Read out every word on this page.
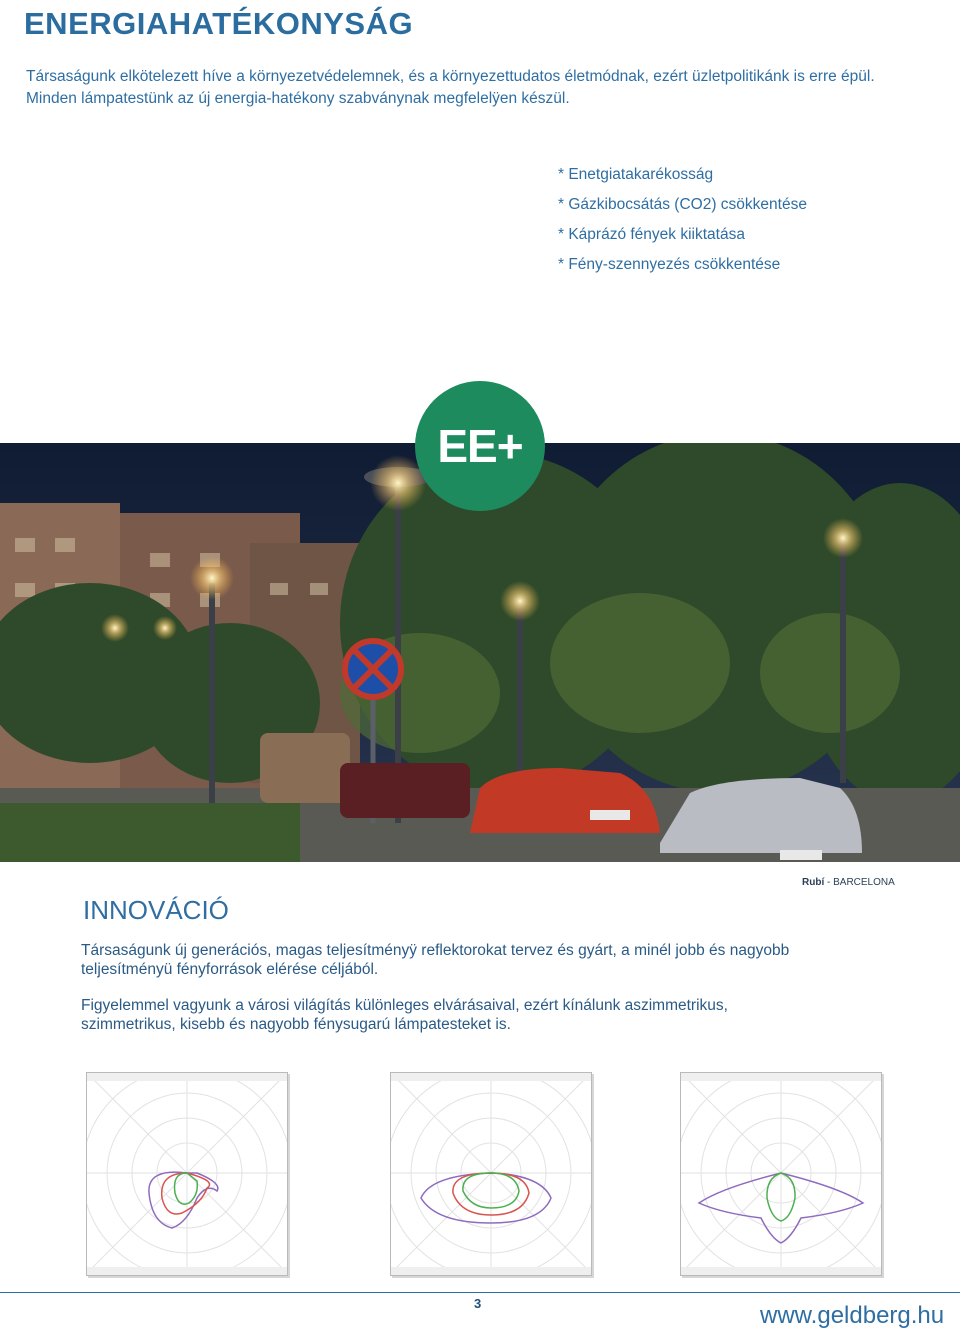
ENERGIAHATÉKONYSÁG
Társaságunk elkötelezett híve a környezetvédelemnek, és a környezettudatos életmódnak, ezért üzletpolitikánk is erre épül.
Minden lámpatestünk az új energia-hatékony szabványnak megfelelÿen készül.
* Enetgiatakarékosság
* Gázkibocsátás (CO2) csökkentése
* Káprázó fények kiiktatása
* Fény-szennyezés csökkentése
EE+
Rubí - BARCELONA
INNOVÁCIÓ

Társaságunk új generációs, magas teljesítményÿ reflektorokat tervez és gyárt, a minél jobb és nagyobb teljesítményü fényforrások elérése céljából.

Figyelemmel vagyunk a városi világítás különleges elvárásaival, ezért kínálunk aszimmetrikus, szimmetrikus, kisebb és nagyobb fénysugarú lámpatesteket is.

3	www.geldberg.hu
